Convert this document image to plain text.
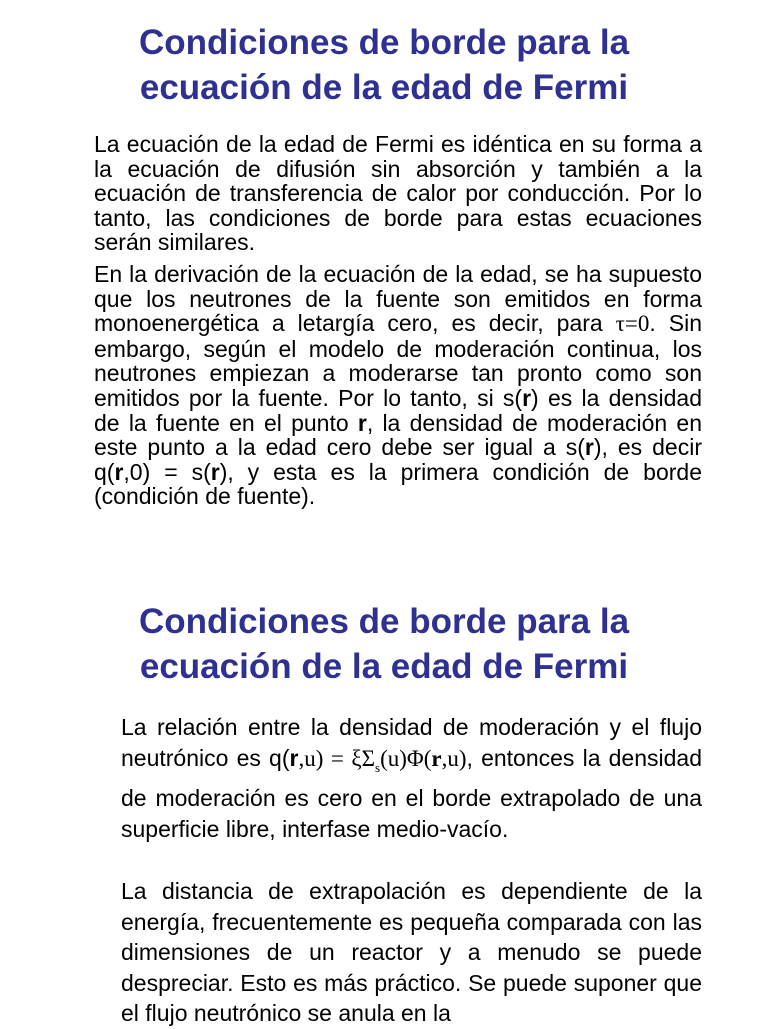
Condiciones de borde para la
ecuación de la edad de Fermi

La ecuación de la edad de Fermi es idéntica en su forma a la ecuación de difusión sin absorción y también a la ecuación de transferencia de calor por conducción. Por lo tanto, las condiciones de borde para estas ecuaciones serán similares.

En la derivación de la ecuación de la edad, se ha supuesto que los neutrones de la fuente son emitidos en forma monoenergética a letargía cero, es decir, para τ=0. Sin embargo, según el modelo de moderación continua, los neutrones empiezan a moderarse tan pronto como son emitidos por la fuente. Por lo tanto, si s(r) es la densidad de la fuente en el punto r, la densidad de moderación en este punto a la edad cero debe ser igual a s(r), es decir q(r,0) = s(r), y esta es la primera condición de borde (condición de fuente).

Condiciones de borde para la
ecuación de la edad de Fermi

La relación entre la densidad de moderación y el flujo neutrónico es $q(r,u) = \xi\Sigma_s(u)\Phi(r,u)$, entonces la densidad de moderación es cero en el borde extrapolado de una superficie libre, interfase medio-vacío.

La distancia de extrapolación es dependiente de la energía, frecuentemente es pequeña comparada con las dimensiones de un reactor y a menudo se puede despreciar. Esto es más práctico. Se puede suponer que el flujo neutrónico se anula en la
